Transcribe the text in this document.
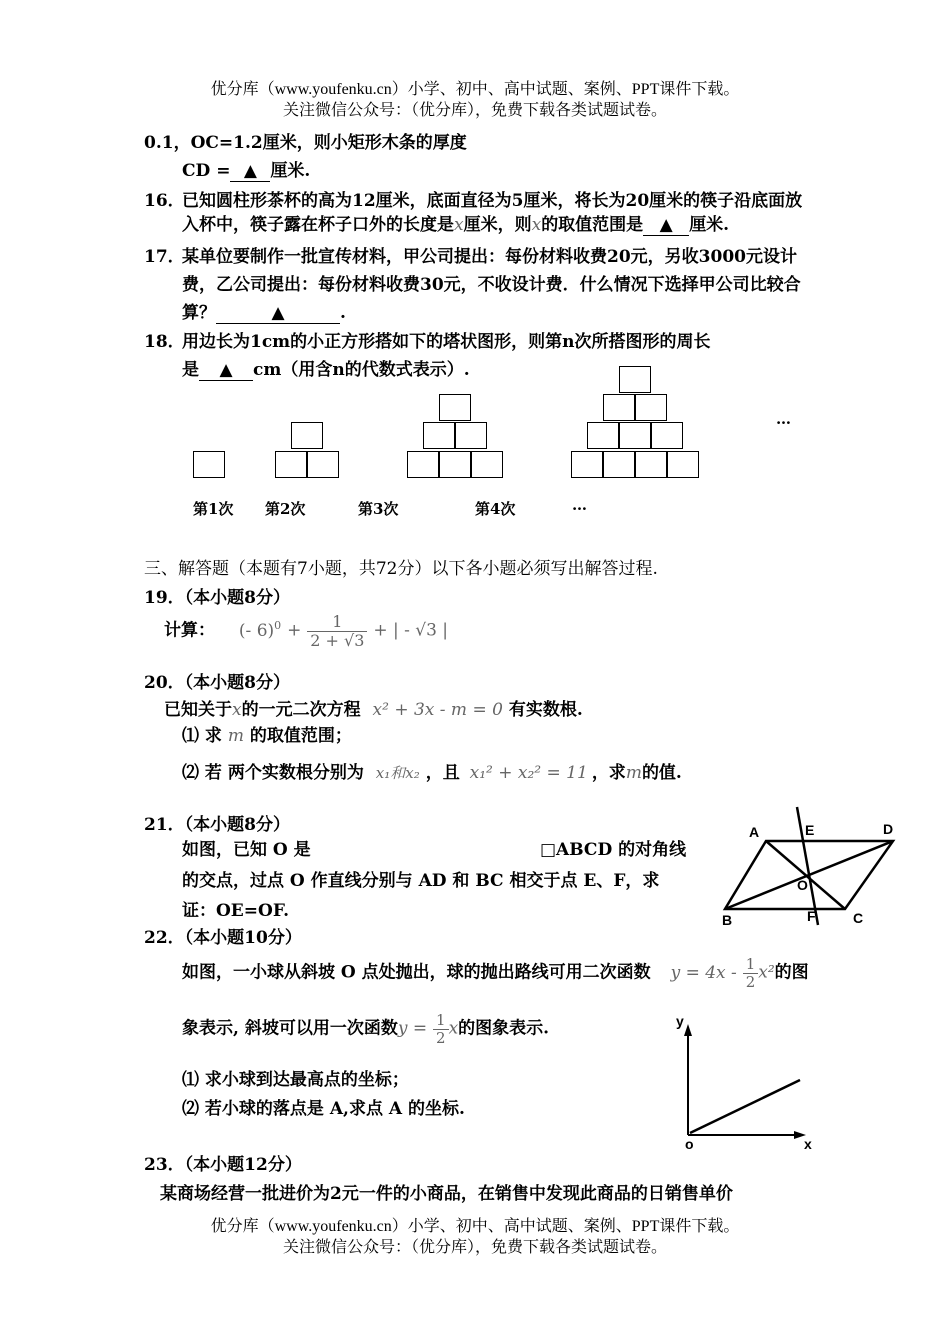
优分库（www.youfenku.cn）小学、初中、高中试题、案例、PPT课件下载。
关注微信公众号：（优分库），免费下载各类试题试卷。
0.1，OC=1.2厘米，则小矩形木条的厚度
CD = ▲ 厘米.
16．
已知圆柱形茶杯的高为12厘米，底面直径为5厘米，将长为20厘米的筷子沿底面放
入杯中，筷子露在杯子口外的长度是x厘米，则x的取值范围是 ▲ 厘米.
17．
某单位要制作一批宣传材料，甲公司提出：每份材料收费20元，另收3000元设计
费，乙公司提出：每份材料收费30元，不收设计费．什么情况下选择甲公司比较合
算？	▲	.
18．
用边长为1cm的小正方形搭如下的塔状图形，则第n次所搭图形的周长
是 ▲ cm（用含n的代数式表示）.
…
第1次 第2次	第3次	第4次	…
三、解答题（本题有7小题，共72分）以下各小题必须写出解答过程.
19．（本小题8分）
计算： (- $6)^0 + \frac{1}{2 + √3}$ + | - √3 |
20．（本小题8分）
已知关于x的一元二次方程 x² + 3x - m = 0 有实数根.
⑴ 求 m 的取值范围；
⑵ 若 两个实数根分别为 x₁和x₂ ，且 x₁² + x₂² = 11 ，求m的值.
21．（本小题8分）
如图，已知 O 是	□ABCD 的对角线
的交点，过点 O 作直线分别与 AD 和 BC 相交于点 E、F，求
证：OE=OF.
A	E	D
O
B	F	C
22．（本小题10分）
如图，一小球从斜坡 O 点处抛出，球的抛出路线可用二次函数 $y = 4x - \frac{1}{2} x^2$的图
象表示, 斜坡可以用一次函数$y = \frac{1}{2}$ x的图象表示.
⑴ 求小球到达最高点的坐标；
⑵ 若小球的落点是 A,求点 A 的坐标.
y
o	x
23．（本小题12分）
某商场经营一批进价为2元一件的小商品，在销售中发现此商品的日销售单价
优分库（www.youfenku.cn）小学、初中、高中试题、案例、PPT课件下载。
关注微信公众号：（优分库），免费下载各类试题试卷。
